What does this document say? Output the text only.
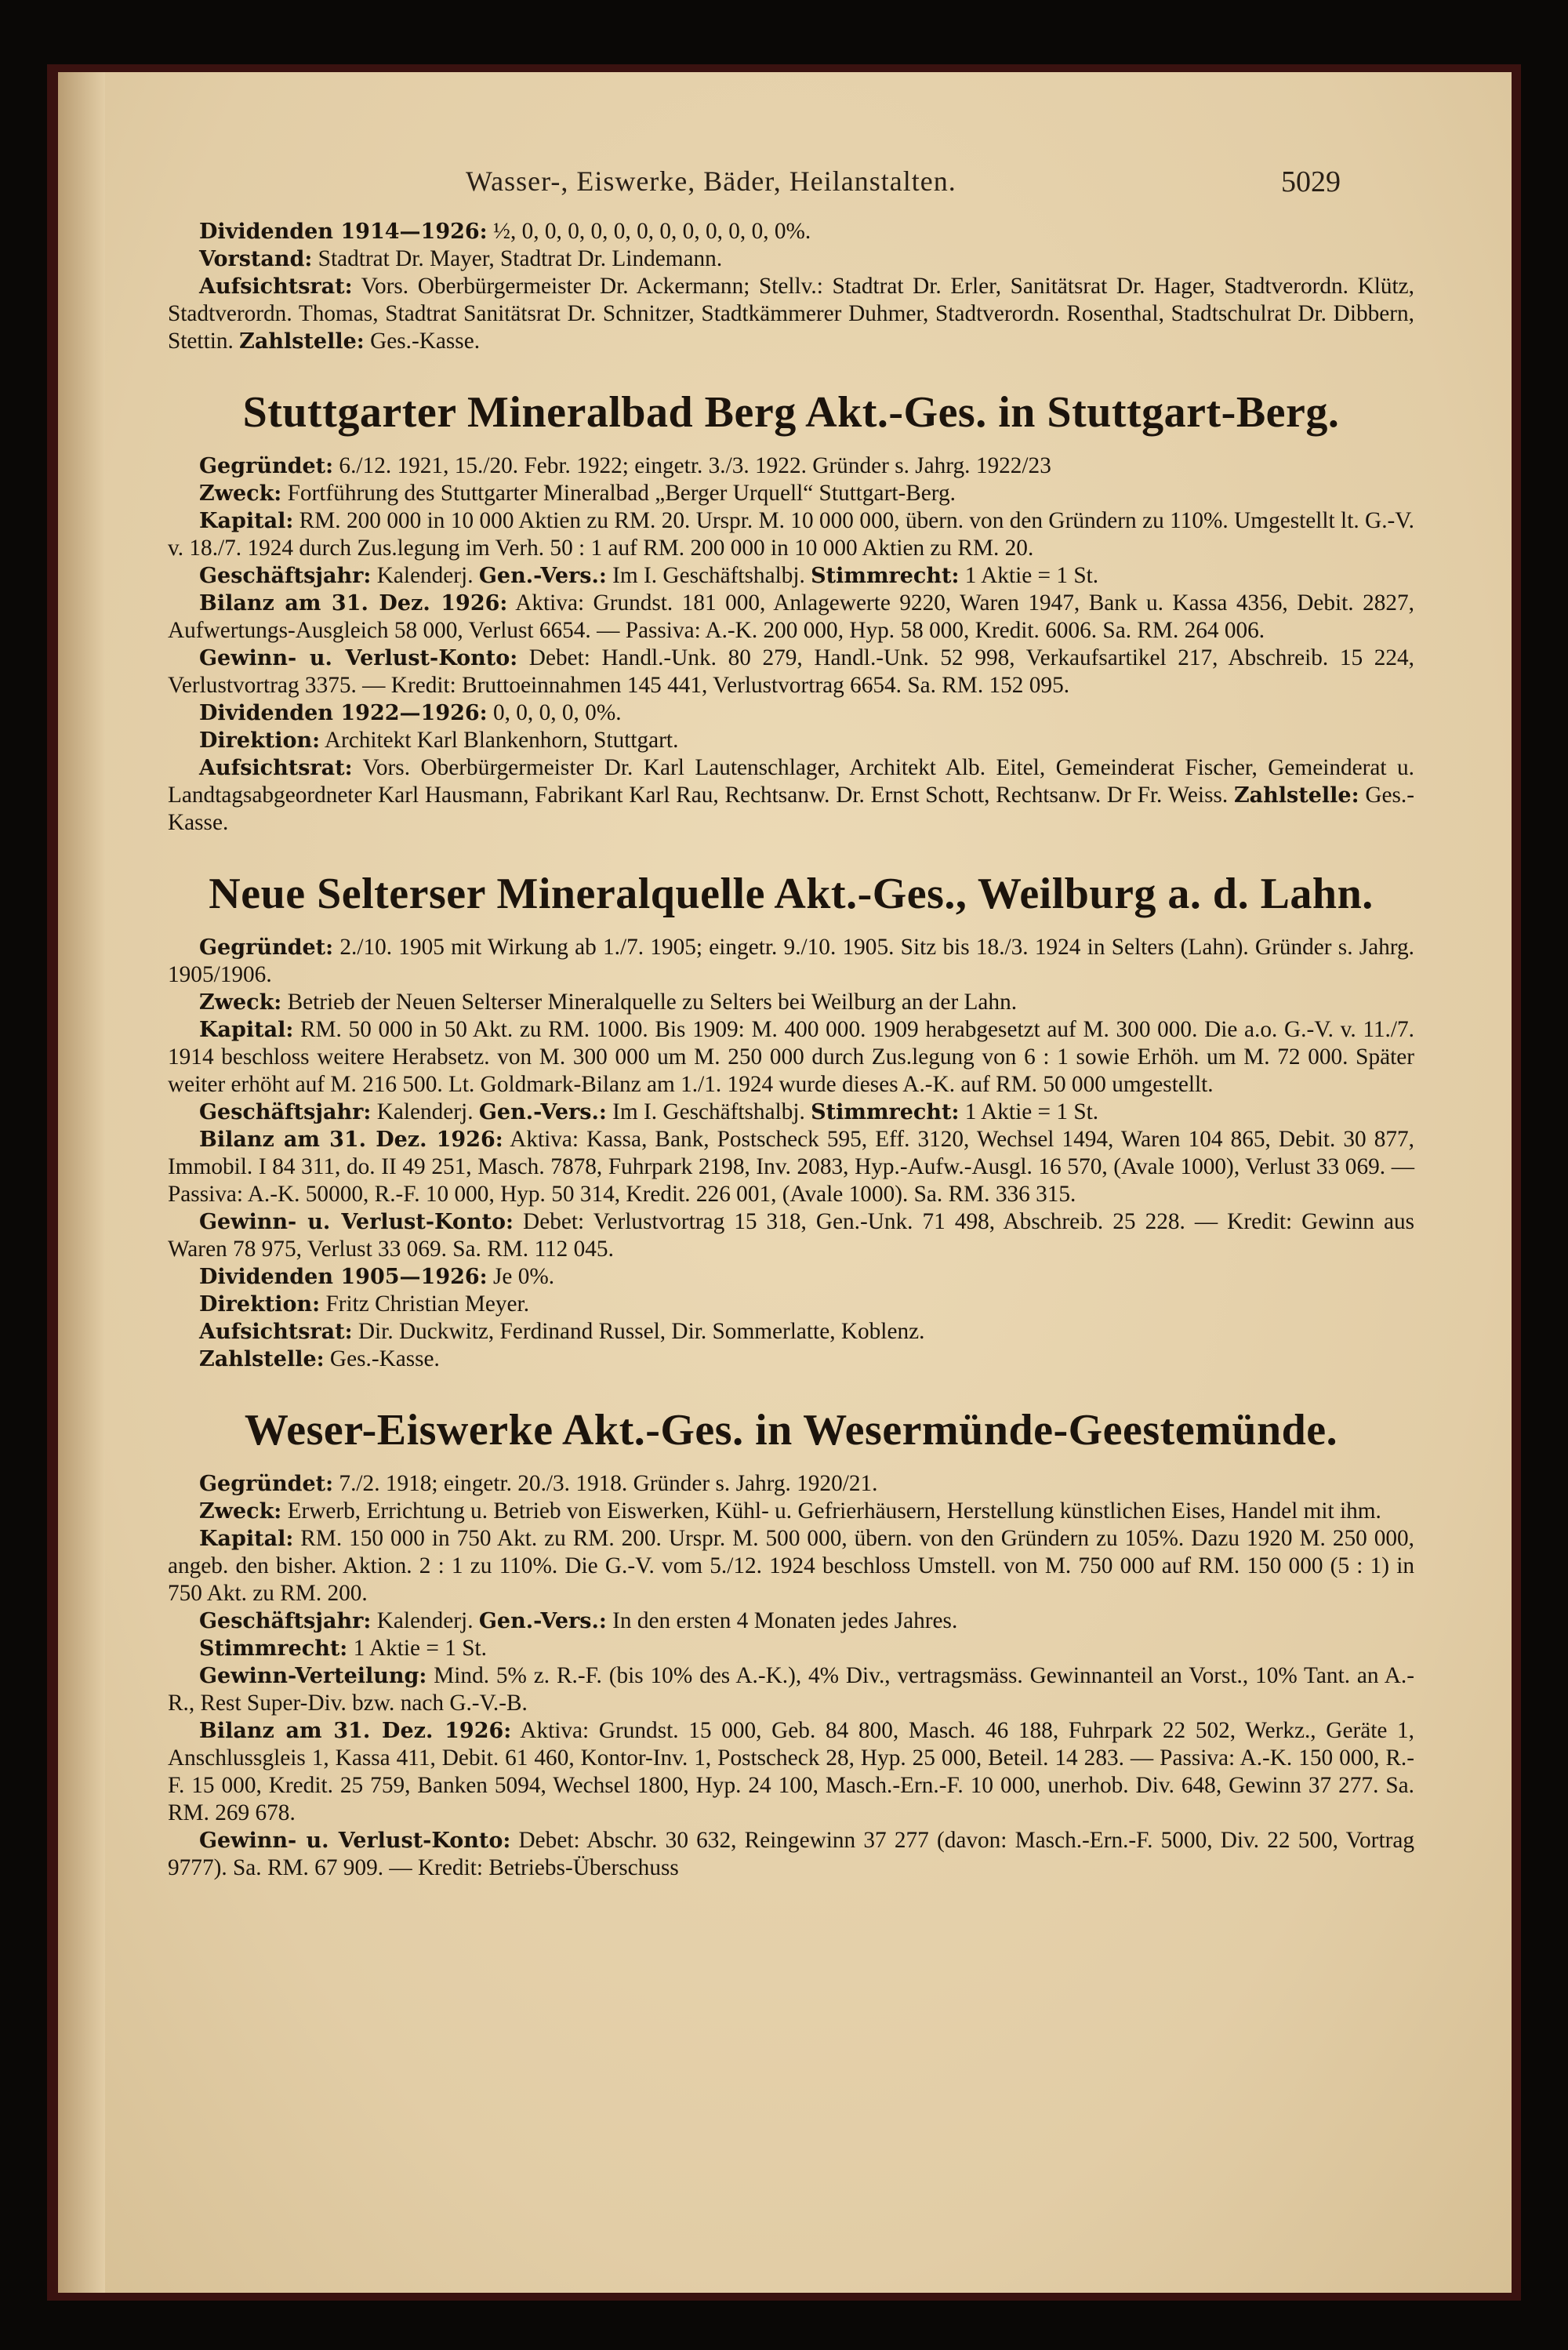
Wasser-, Eiswerke, Bäder, Heilanstalten.	5029

Dividenden 1914—1926: ½, 0, 0, 0, 0, 0, 0, 0, 0, 0, 0, 0, 0%.

Vorstand: Stadtrat Dr. Mayer, Stadtrat Dr. Lindemann.

Aufsichtsrat: Vors. Oberbürgermeister Dr. Ackermann; Stellv.: Stadtrat Dr. Erler, Sanitätsrat Dr. Hager, Stadtverordn. Klütz, Stadtverordn. Thomas, Stadtrat Sanitätsrat Dr. Schnitzer, Stadtkämmerer Duhmer, Stadtverordn. Rosenthal, Stadtschulrat Dr. Dibbern, Stettin. Zahlstelle: Ges.-Kasse.

Stuttgarter Mineralbad Berg Akt.-Ges. in Stuttgart-Berg.

Gegründet: 6./12. 1921, 15./20. Febr. 1922; eingetr. 3./3. 1922. Gründer s. Jahrg. 1922/23

Zweck: Fortführung des Stuttgarter Mineralbad „Berger Urquell“ Stuttgart-Berg.

Kapital: RM. 200 000 in 10 000 Aktien zu RM. 20. Urspr. M. 10 000 000, übern. von den Gründern zu 110%. Umgestellt lt. G.-V. v. 18./7. 1924 durch Zus.legung im Verh. 50 : 1 auf RM. 200 000 in 10 000 Aktien zu RM. 20.

Geschäftsjahr: Kalenderj. Gen.-Vers.: Im I. Geschäftshalbj. Stimmrecht: 1 Aktie = 1 St.

Bilanz am 31. Dez. 1926: Aktiva: Grundst. 181 000, Anlagewerte 9220, Waren 1947, Bank u. Kassa 4356, Debit. 2827, Aufwertungs-Ausgleich 58 000, Verlust 6654. — Passiva: A.-K. 200 000, Hyp. 58 000, Kredit. 6006. Sa. RM. 264 006.

Gewinn- u. Verlust-Konto: Debet: Handl.-Unk. 80 279, Handl.-Unk. 52 998, Verkaufsartikel 217, Abschreib. 15 224, Verlustvortrag 3375. — Kredit: Bruttoeinnahmen 145 441, Verlustvortrag 6654. Sa. RM. 152 095.

Dividenden 1922—1926: 0, 0, 0, 0, 0%.

Direktion: Architekt Karl Blankenhorn, Stuttgart.

Aufsichtsrat: Vors. Oberbürgermeister Dr. Karl Lautenschlager, Architekt Alb. Eitel, Gemeinderat Fischer, Gemeinderat u. Landtagsabgeordneter Karl Hausmann, Fabrikant Karl Rau, Rechtsanw. Dr. Ernst Schott, Rechtsanw. Dr Fr. Weiss. Zahlstelle: Ges.-Kasse.

Neue Selterser Mineralquelle Akt.-Ges., Weilburg a. d. Lahn.

Gegründet: 2./10. 1905 mit Wirkung ab 1./7. 1905; eingetr. 9./10. 1905. Sitz bis 18./3. 1924 in Selters (Lahn). Gründer s. Jahrg. 1905/1906.

Zweck: Betrieb der Neuen Selterser Mineralquelle zu Selters bei Weilburg an der Lahn.

Kapital: RM. 50 000 in 50 Akt. zu RM. 1000. Bis 1909: M. 400 000. 1909 herabgesetzt auf M. 300 000. Die a.o. G.-V. v. 11./7. 1914 beschloss weitere Herabsetz. von M. 300 000 um M. 250 000 durch Zus.legung von 6 : 1 sowie Erhöh. um M. 72 000. Später weiter erhöht auf M. 216 500. Lt. Goldmark-Bilanz am 1./1. 1924 wurde dieses A.-K. auf RM. 50 000 umgestellt.

Geschäftsjahr: Kalenderj. Gen.-Vers.: Im I. Geschäftshalbj. Stimmrecht: 1 Aktie = 1 St.

Bilanz am 31. Dez. 1926: Aktiva: Kassa, Bank, Postscheck 595, Eff. 3120, Wechsel 1494, Waren 104 865, Debit. 30 877, Immobil. I 84 311, do. II 49 251, Masch. 7878, Fuhrpark 2198, Inv. 2083, Hyp.-Aufw.-Ausgl. 16 570, (Avale 1000), Verlust 33 069. — Passiva: A.-K. 50000, R.-F. 10 000, Hyp. 50 314, Kredit. 226 001, (Avale 1000). Sa. RM. 336 315.

Gewinn- u. Verlust-Konto: Debet: Verlustvortrag 15 318, Gen.-Unk. 71 498, Abschreib. 25 228. — Kredit: Gewinn aus Waren 78 975, Verlust 33 069. Sa. RM. 112 045.

Dividenden 1905—1926: Je 0%.

Direktion: Fritz Christian Meyer.

Aufsichtsrat: Dir. Duckwitz, Ferdinand Russel, Dir. Sommerlatte, Koblenz.

Zahlstelle: Ges.-Kasse.

Weser-Eiswerke Akt.-Ges. in Wesermünde-Geestemünde.

Gegründet: 7./2. 1918; eingetr. 20./3. 1918. Gründer s. Jahrg. 1920/21.

Zweck: Erwerb, Errichtung u. Betrieb von Eiswerken, Kühl- u. Gefrierhäusern, Herstellung künstlichen Eises, Handel mit ihm.

Kapital: RM. 150 000 in 750 Akt. zu RM. 200. Urspr. M. 500 000, übern. von den Gründern zu 105%. Dazu 1920 M. 250 000, angeb. den bisher. Aktion. 2 : 1 zu 110%. Die G.-V. vom 5./12. 1924 beschloss Umstell. von M. 750 000 auf RM. 150 000 (5 : 1) in 750 Akt. zu RM. 200.

Geschäftsjahr: Kalenderj. Gen.-Vers.: In den ersten 4 Monaten jedes Jahres.

Stimmrecht: 1 Aktie = 1 St.

Gewinn-Verteilung: Mind. 5% z. R.-F. (bis 10% des A.-K.), 4% Div., vertragsmäss. Gewinnanteil an Vorst., 10% Tant. an A.-R., Rest Super-Div. bzw. nach G.-V.-B.

Bilanz am 31. Dez. 1926: Aktiva: Grundst. 15 000, Geb. 84 800, Masch. 46 188, Fuhrpark 22 502, Werkz., Geräte 1, Anschlussgleis 1, Kassa 411, Debit. 61 460, Kontor-Inv. 1, Postscheck 28, Hyp. 25 000, Beteil. 14 283. — Passiva: A.-K. 150 000, R.-F. 15 000, Kredit. 25 759, Banken 5094, Wechsel 1800, Hyp. 24 100, Masch.-Ern.-F. 10 000, unerhob. Div. 648, Gewinn 37 277. Sa. RM. 269 678.

Gewinn- u. Verlust-Konto: Debet: Abschr. 30 632, Reingewinn 37 277 (davon: Masch.-Ern.-F. 5000, Div. 22 500, Vortrag 9777). Sa. RM. 67 909. — Kredit: Betriebs-Überschuss
